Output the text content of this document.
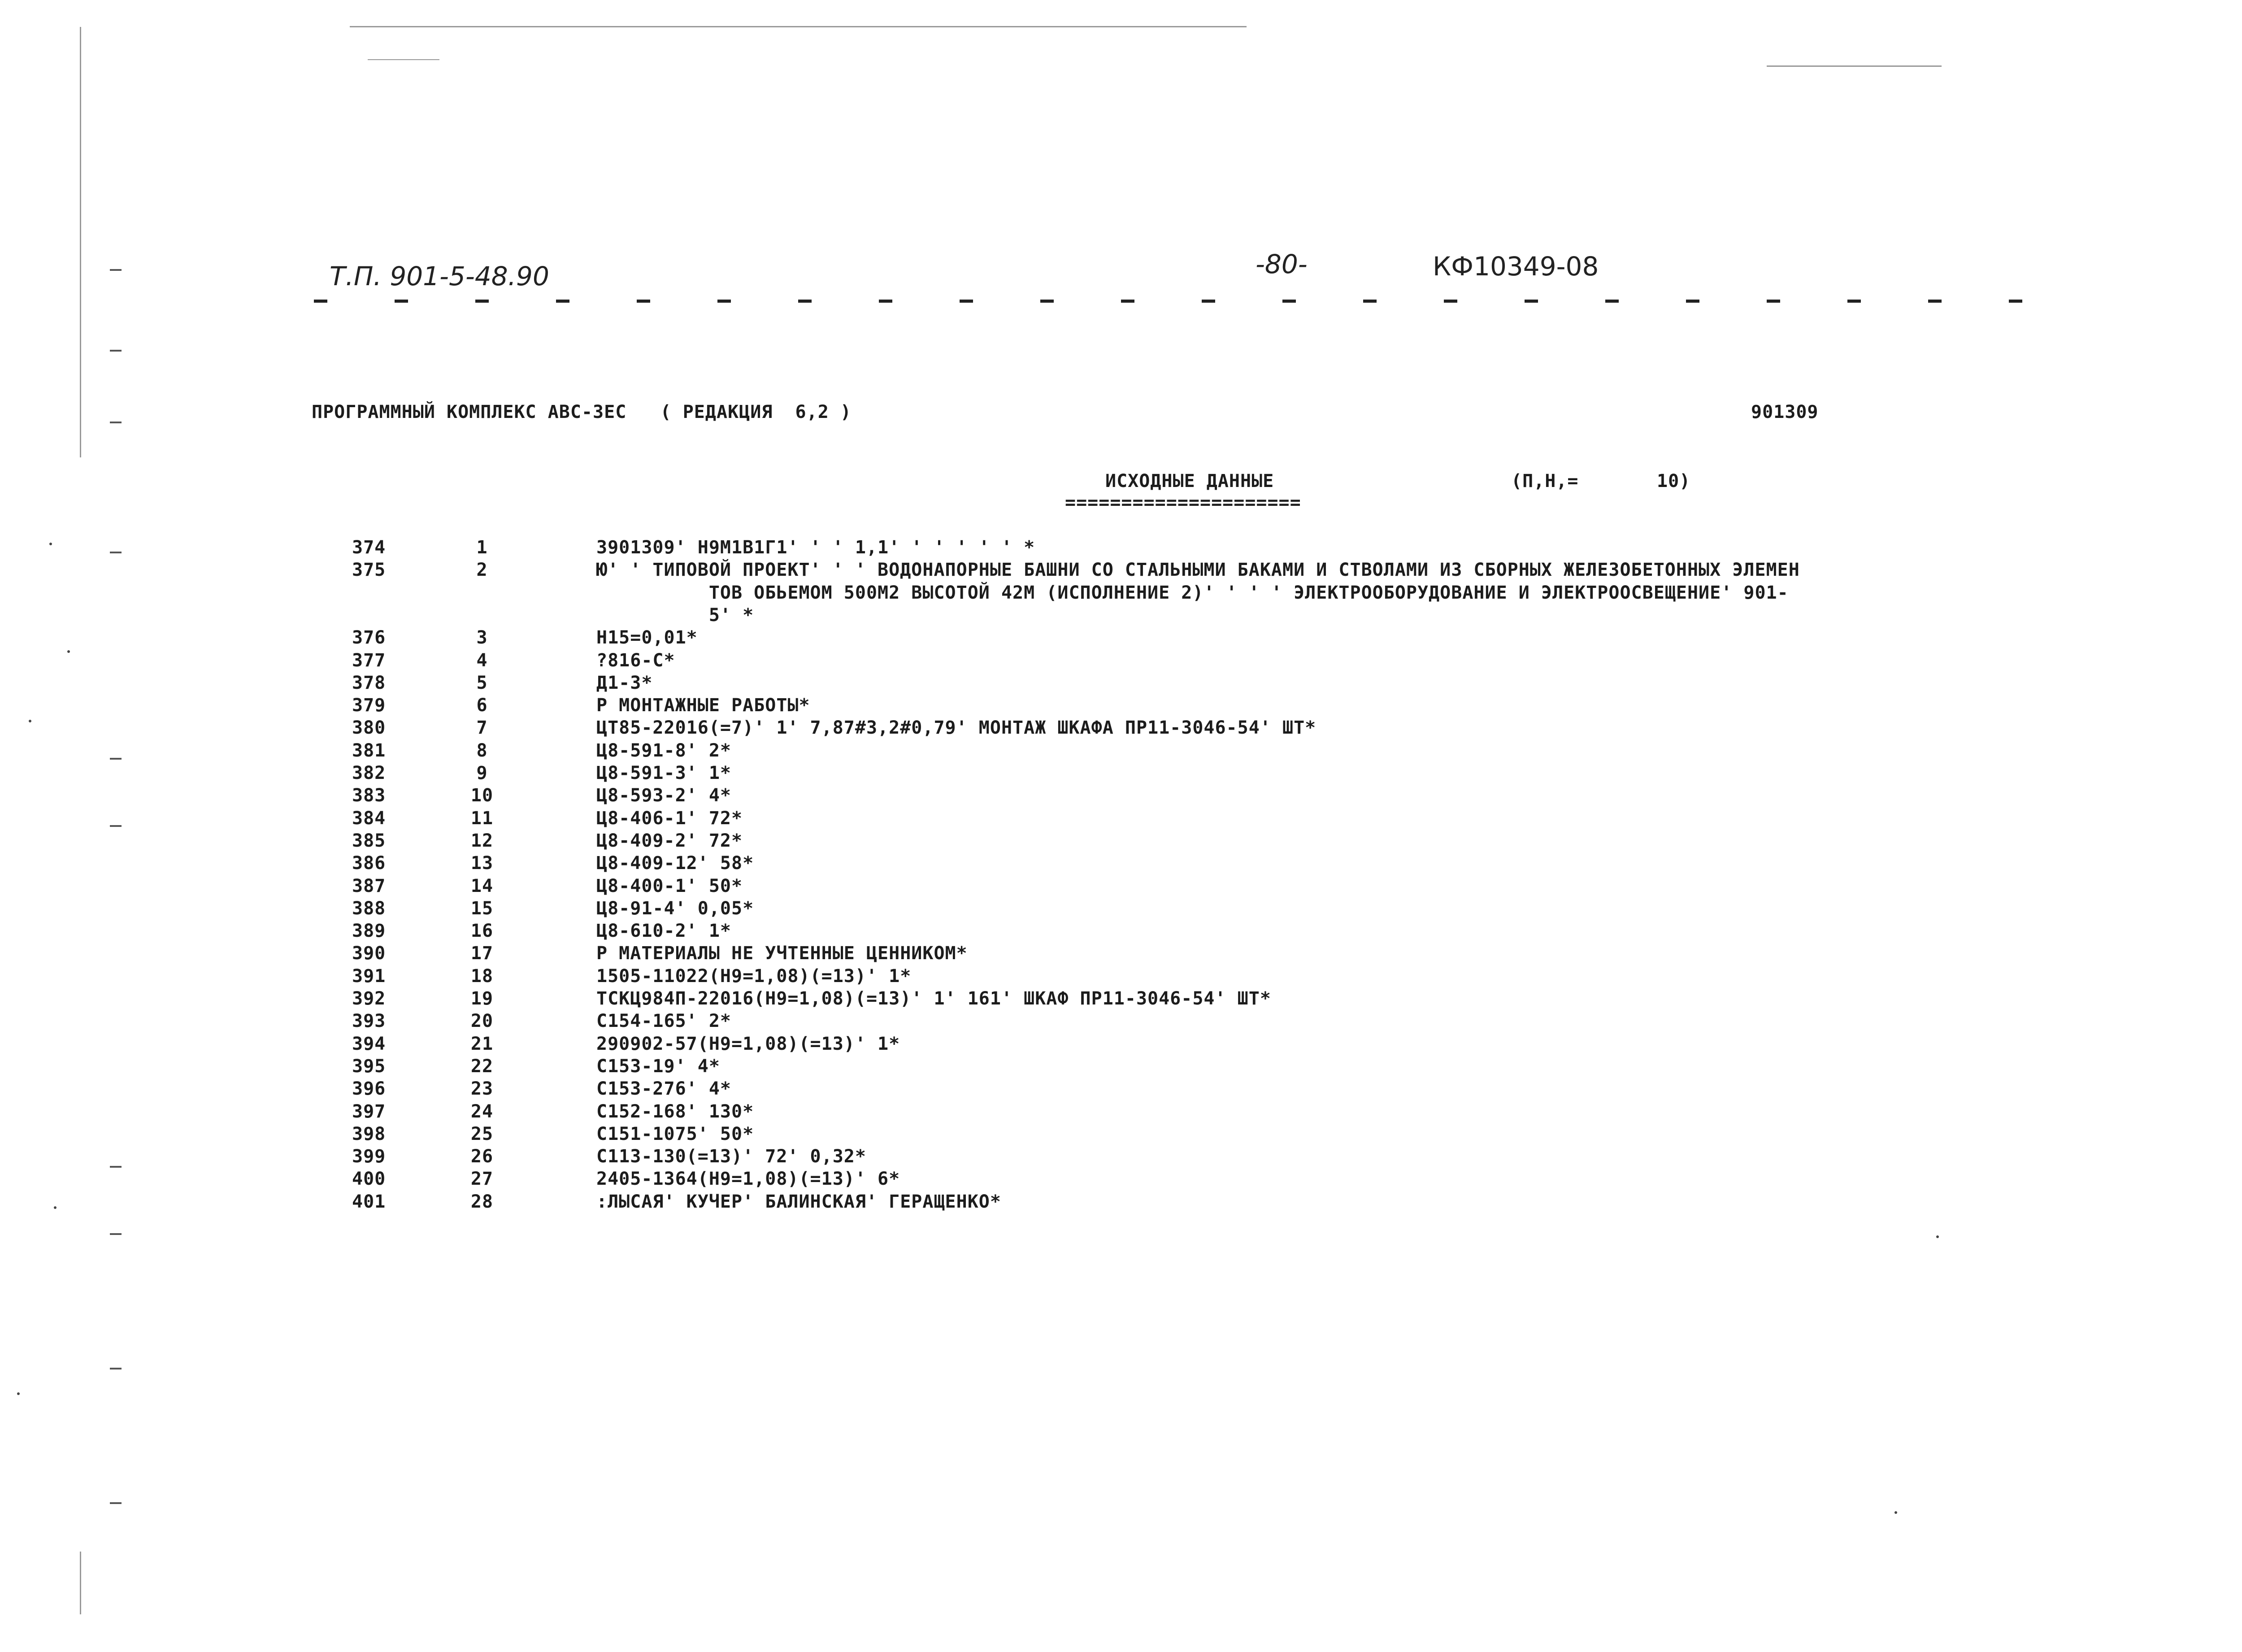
Т.П. 901-5-48.90	-80-	КФ10349-08
ПРОГРАММНЫЙ КОМПЛЕКС АВС-3ЕС   ( РЕДАКЦИЯ  6,2 )	901309
ИСХОДНЫЕ ДАННЫЕ
=====================
(П,Н,=	10)
374	1	3901309' Н9М1В1Г1' ' ' 1,1' ' ' ' ' ' *
375	2	Ю' ' ТИПОВОЙ ПРОЕКТ' ' ' ВОДОНАПОРНЫЕ БАШНИ СО СТАЛЬНЫМИ БАКАМИ И СТВОЛАМИ ИЗ СБОРНЫХ ЖЕЛЕЗОБЕТОННЫХ ЭЛЕМЕН
ТОВ ОБЬЕМОМ 500М2 ВЫСОТОЙ 42М (ИСПОЛНЕНИЕ 2)' ' ' ' ЭЛЕКТРООБОРУДОВАНИЕ И ЭЛЕКТРООСВЕЩЕНИЕ' 901-
5' *
376	3	Н15=0,01*
377	4	?816-С*
378	5	Д1-3*
379	6	Р МОНТАЖНЫЕ РАБОТЫ*
380	7	ЦТ85-22016(=7)' 1' 7,87#3,2#0,79' МОНТАЖ ШКАФА ПР11-3046-54' ШТ*
381	8	Ц8-591-8' 2*
382	9	Ц8-591-3' 1*
383	10	Ц8-593-2' 4*
384	11	Ц8-406-1' 72*
385	12	Ц8-409-2' 72*
386	13	Ц8-409-12' 58*
387	14	Ц8-400-1' 50*
388	15	Ц8-91-4' 0,05*
389	16	Ц8-610-2' 1*
390	17	Р МАТЕРИАЛЫ НЕ УЧТЕННЫЕ ЦЕННИКОМ*
391	18	1505-11022(Н9=1,08)(=13)' 1*
392	19	ТСКЦ984П-22016(Н9=1,08)(=13)' 1' 161' ШКАФ ПР11-3046-54' ШТ*
393	20	С154-165' 2*
394	21	290902-57(Н9=1,08)(=13)' 1*
395	22	С153-19' 4*
396	23	С153-276' 4*
397	24	С152-168' 130*
398	25	С151-1075' 50*
399	26	С113-130(=13)' 72' 0,32*
400	27	2405-1364(Н9=1,08)(=13)' 6*
401	28	:ЛЫСАЯ' КУЧЕР' БАЛИНСКАЯ' ГЕРАЩЕНКО*
